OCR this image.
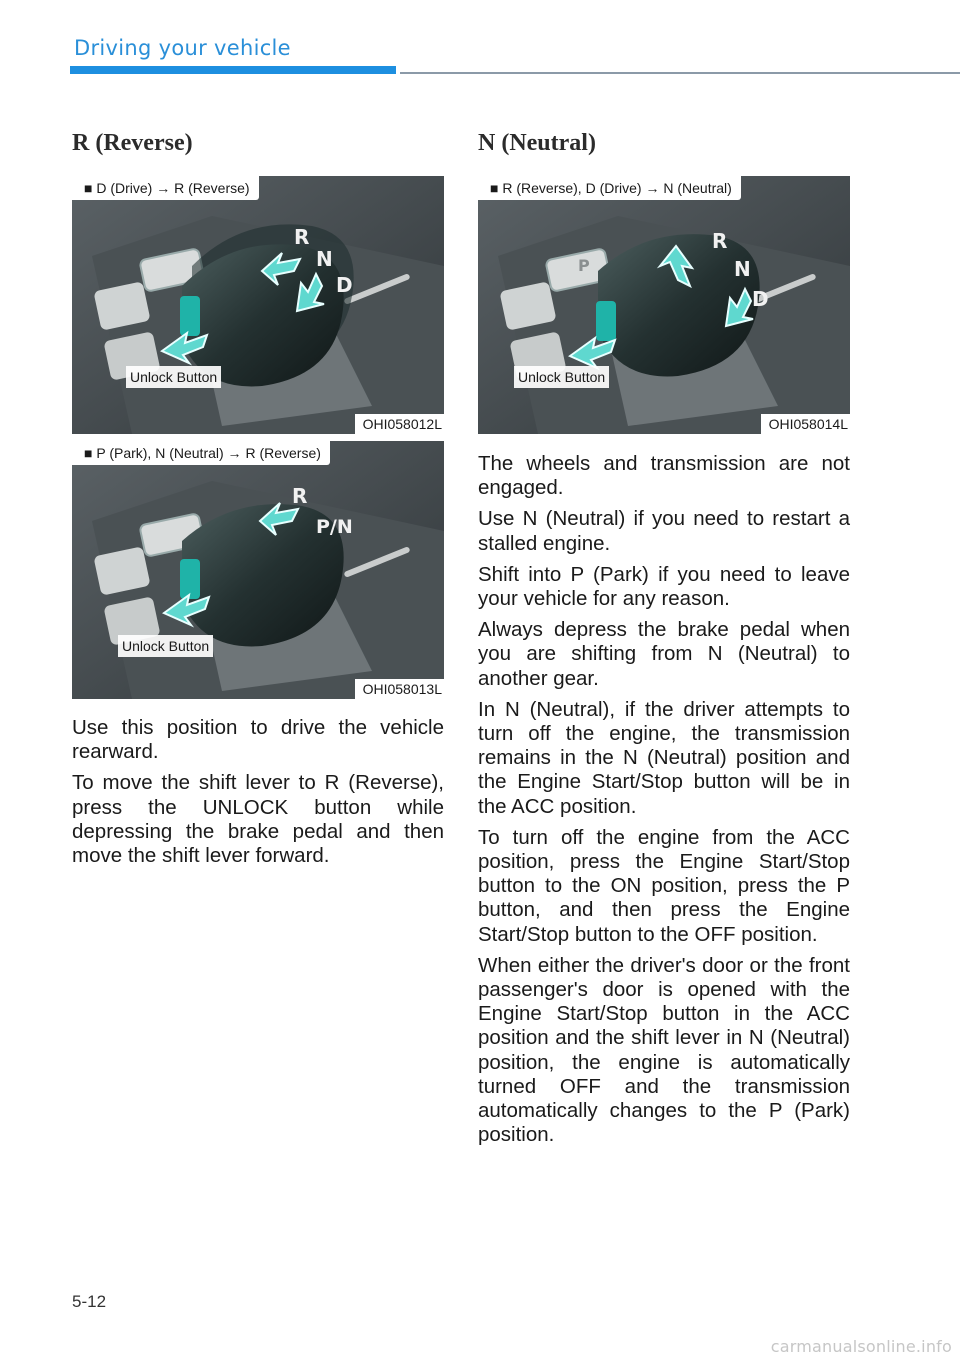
Driving your vehicle
R (Reverse)
R
N
D
■ D (Drive) → R (Reverse)
Unlock Button
OHI058012L
R
P/N
■ P (Park), N (Neutral) → R (Reverse)
Unlock Button
OHI058013L

Use this position to drive the vehicle rearward.

To move the shift lever to R (Reverse), press the UNLOCK button while depressing the brake pedal and then move the shift lever forward.

N (Neutral)
R
N
D
P
■ R (Reverse), D (Drive) → N (Neutral)
Unlock Button
OHI058014L

The wheels and transmission are not engaged.

Use N (Neutral) if you need to restart a stalled engine.

Shift into P (Park) if you need to leave your vehicle for any reason.

Always depress the brake pedal when you are shifting from N (Neutral) to another gear.

In N (Neutral), if the driver attempts to turn off the engine, the transmission remains in the N (Neutral) position and the Engine Start/Stop button will be in the ACC position.

To turn off the engine from the ACC position, press the Engine Start/Stop button to the ON position, press the P button, and then press the Engine Start/Stop button to the OFF position.

When either the driver's door or the front passenger's door is opened with the Engine Start/Stop button in the ACC position and the shift lever in N (Neutral) position, the engine is automatically turned OFF and the transmission automatically changes to the P (Park) position.

5-12
carmanualsonline.info
